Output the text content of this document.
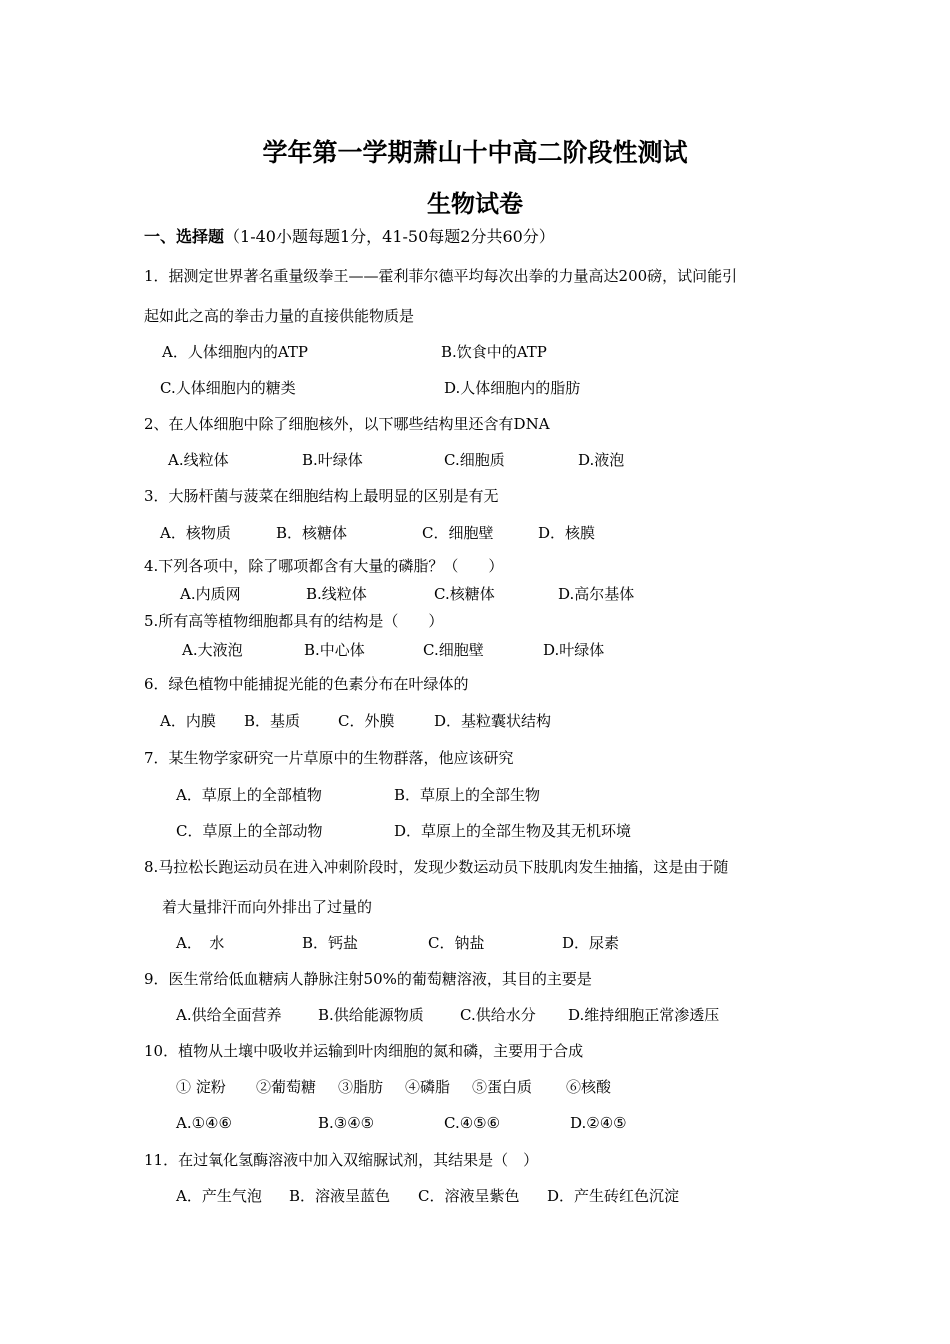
学年第一学期萧山十中高二阶段性测试
生物试卷
一、选择题（1-40小题每题1分，41-50每题2分共60分）
1．据测定世界著名重量级拳王——霍利菲尔德平均每次出拳的力量高达200磅，试问能引
起如此之高的拳击力量的直接供能物质是
A．人体细胞内的ATP	B.饮食中的ATP
C.人体细胞内的糖类	D.人体细胞内的脂肪
2、在人体细胞中除了细胞核外，以下哪些结构里还含有DNA
A.线粒体	B.叶绿体	C.细胞质	D.液泡
3．大肠杆菌与菠菜在细胞结构上最明显的区别是有无
A．核物质	B．核糖体	C．细胞壁	D．核膜
4.下列各项中，除了哪项都含有大量的磷脂？（　　）
A.内质网	B.线粒体	C.核糖体	D.高尔基体
5.所有高等植物细胞都具有的结构是（　　）
A.大液泡	B.中心体	C.细胞壁	D.叶绿体
6．绿色植物中能捕捉光能的色素分布在叶绿体的
A．内膜 B．基质	C．外膜	D．基粒囊状结构
7．某生物学家研究一片草原中的生物群落，他应该研究
A．草原上的全部植物	B．草原上的全部生物
C．草原上的全部动物	D．草原上的全部生物及其无机环境
8.马拉松长跑运动员在进入冲刺阶段时，发现少数运动员下肢肌肉发生抽搐，这是由于随
着大量排汗而向外排出了过量的
A．　水	B．钙盐	C．钠盐	D．尿素
9．医生常给低血糖病人静脉注射50%的葡萄糖溶液，其目的主要是
A.供给全面营养 B.供给能源物质 C.供给水分 D.维持细胞正常渗透压
10．植物从土壤中吸收并运输到叶肉细胞的氮和磷，主要用于合成
① 淀粉 ②葡萄糖 ③脂肪 ④磷脂 ⑤蛋白质 ⑥核酸
A.①④⑥	B.③④⑤	C.④⑤⑥	D.②④⑤
11．在过氧化氢酶溶液中加入双缩脲试剂，其结果是（　）
A．产生气泡 B．溶液呈蓝色 C．溶液呈紫色 D．产生砖红色沉淀
